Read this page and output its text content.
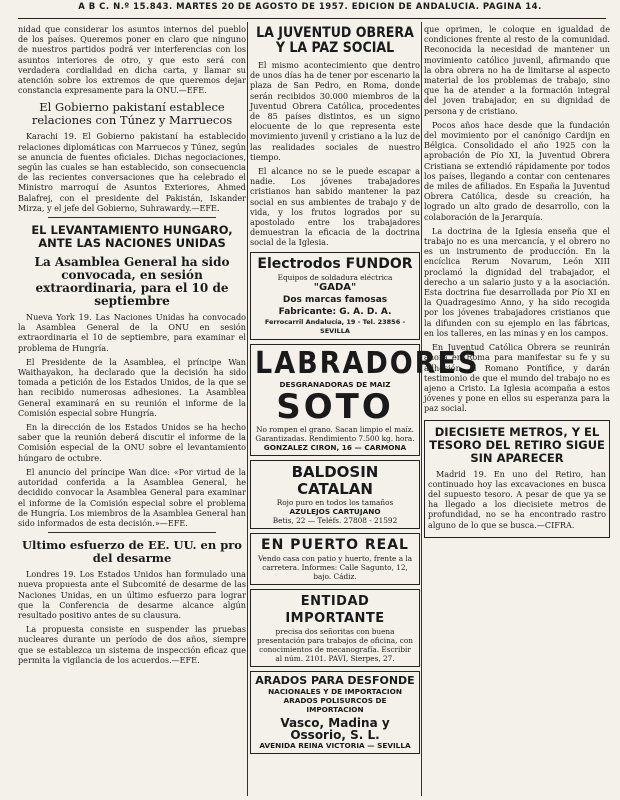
A B C. N.º 15.843. MARTES 20 DE AGOSTO DE 1957. EDICION DE ANDALUCIA. PAGINA 14.

nidad que considerar los asuntos internos del pueblo de los países. Queremos poner en claro que ninguno de nuestros partidos podrá ver interferencias con los asuntos interiores de otro, y que esto será con verdadera cordialidad en dicha carta, y llamar su atención sobre los extremos de que queremos dejar constancia expresamente para la ONU.—EFE.

El Gobierno pakistaní establece relaciones con Túnez y Marruecos

Karachi 19. El Gobierno pakistaní ha establecido relaciones diplomáticas con Marruecos y Túnez, según se anuncia de fuentes oficiales. Dichas negociaciones, según las cuales se han establecido, son consecuencia de las recientes conversaciones que ha celebrado el Ministro marroquí de Asuntos Exteriores, Ahmed Balafrej, con el presidente del Pakistán, Iskander Mirza, y el jefe del Gobierno, Suhrawardy.—EFE.

EL LEVANTAMIENTO HUNGARO, ANTE LAS NACIONES UNIDAS
La Asamblea General ha sido convocada, en sesión extraordinaria, para el 10 de septiembre

Nueva York 19. Las Naciones Unidas ha convocado la Asamblea General de la ONU en sesión extraordinaria el 10 de septiembre, para examinar el problema de Hungría.

El Presidente de la Asamblea, el príncipe Wan Waithayakon, ha declarado que la decisión ha sido tomada a petición de los Estados Unidos, de la que se han recibido numerosas adhesiones. La Asamblea General examinará en su reunión el informe de la Comisión especial sobre Hungría.

En la dirección de los Estados Unidos se ha hecho saber que la reunión deberá discutir el informe de la Comisión especial de la ONU sobre el levantamiento húngaro de octubre.

El anuncio del príncipe Wan dice: «Por virtud de la autoridad conferida a la Asamblea General, he decidido convocar la Asamblea General para examinar el informe de la Comisión especial sobre el problema de Hungría. Los miembros de la Asamblea General han sido informados de esta decisión.»—EFE.

Ultimo esfuerzo de EE. UU. en pro del desarme

Londres 19. Los Estados Unidos han formulado una nueva propuesta ante el Subcomité de desarme de las Naciones Unidas, en un último esfuerzo para lograr que la Conferencia de desarme alcance algún resultado positivo antes de su clausura.

La propuesta consiste en suspender las pruebas nucleares durante un período de dos años, siempre que se establezca un sistema de inspección eficaz que permita la vigilancia de los acuerdos.—EFE.

LA JUVENTUD OBRERA Y LA PAZ SOCIAL

El mismo acontecimiento que dentro de unos días ha de tener por escenario la plaza de San Pedro, en Roma, donde serán recibidos 30.000 miembros de la Juventud Obrera Católica, procedentes de 85 países distintos, es un signo elocuente de lo que representa este movimiento juvenil y cristiano a la luz de las realidades sociales de nuestro tiempo.

El alcance no se le puede escapar a nadie. Los jóvenes trabajadores cristianos han sabido mantener la paz social en sus ambientes de trabajo y de vida, y los frutos logrados por su apostolado entre los trabajadores demuestran la eficacia de la doctrina social de la Iglesia.

Electrodos FUNDOR
Equipos de soldadura eléctrica
"GADA"
Dos marcas famosas
Fabricante: G. A. D. A.
Ferrocarril Andalucía, 19 - Tel. 23856 - SEVILLA
LABRADORES
DESGRANADORAS DE MAIZ
SOTO
No rompen el grano. Sacan limpio el maíz. Garantizadas. Rendimiento 7.500 kg. hora.
GONZALEZ CIRON, 16 — CARMONA
BALDOSIN CATALAN
Rojo puro en todos los tamaños
AZULEJOS CARTUJANO
Betis, 22 — Teléfs. 27808 - 21592
EN PUERTO REAL
Vendo casa con patio y huerto, frente a la carretera. Informes: Calle Sagunto, 12, bajo. Cádiz.
ENTIDAD IMPORTANTE
precisa dos señoritas con buena presentación para trabajos de oficina, con conocimientos de mecanografía. Escribir al núm. 2101. PAVI, Sierpes, 27.
ARADOS PARA DESFONDE
NACIONALES Y DE IMPORTACION
ARADOS POLISURCOS DE IMPORTACION
Vasco, Madina y Ossorio, S. L.
AVENIDA REINA VICTORIA — SEVILLA

que oprimen, le coloque en igualdad de condiciones frente al resto de la comunidad. Reconocida la necesidad de mantener un movimiento católico juvenil, afirmando que la obra obrera no ha de limitarse al aspecto material de los problemas de trabajo, sino que ha de atender a la formación integral del joven trabajador, en su dignidad de persona y de cristiano.

Pocos años hace desde que la fundación del movimiento por el canónigo Cardijn en Bélgica. Consolidado el año 1925 con la aprobación de Pío XI, la Juventud Obrera Cristiana se extendió rápidamente por todos los países, llegando a contar con centenares de miles de afiliados. En España la Juventud Obrera Católica, desde su creación, ha logrado un alto grado de desarrollo, con la colaboración de la Jerarquía.

La doctrina de la Iglesia enseña que el trabajo no es una mercancía, y el obrero no es un instrumento de producción. En la encíclica Rerum Novarum, León XIII proclamó la dignidad del trabajador, el derecho a un salario justo y a la asociación. Esta doctrina fue desarrollada por Pío XI en la Quadragesimo Anno, y ha sido recogida por los jóvenes trabajadores cristianos que la difunden con su ejemplo en las fábricas, en los talleres, en las minas y en los campos.

En Juventud Católica Obrera se reunirán ahora en Roma para manifestar su fe y su adhesión al Romano Pontífice, y darán testimonio de que el mundo del trabajo no es ajeno a Cristo. La Iglesia acompaña a estos jóvenes y pone en ellos su esperanza para la paz social.

DIECISIETE METROS, Y EL TESORO DEL RETIRO SIGUE SIN APARECER

Madrid 19. En uno del Retiro, han continuado hoy las excavaciones en busca del supuesto tesoro. A pesar de que ya se ha llegado a los diecisiete metros de profundidad, no se ha encontrado rastro alguno de lo que se busca.—CIFRA.
